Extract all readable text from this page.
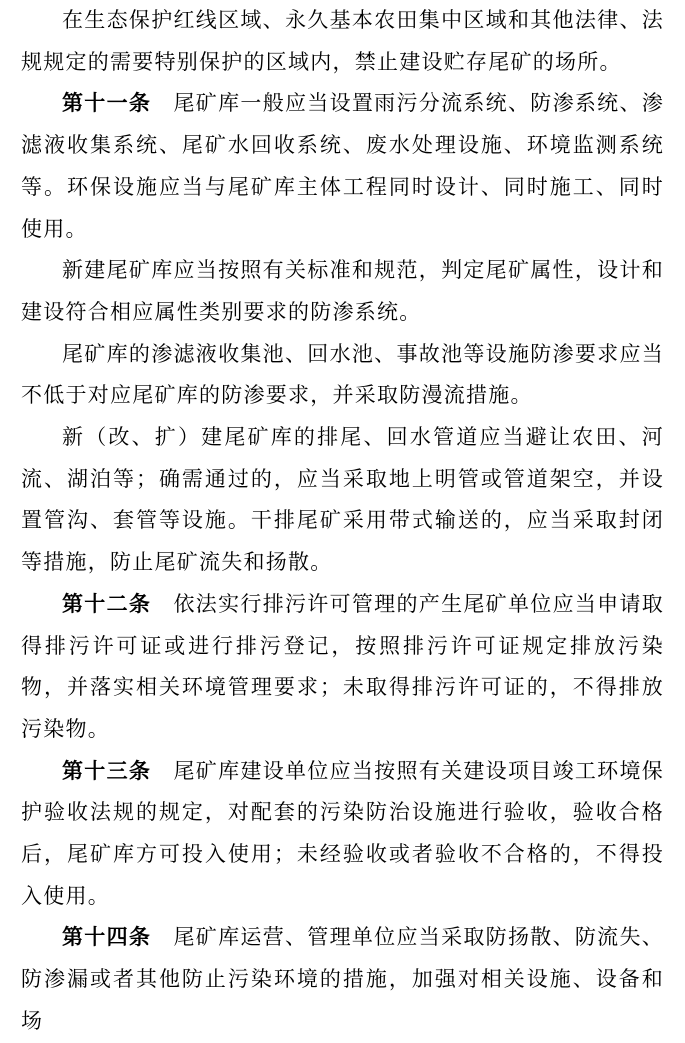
在生态保护红线区域、永久基本农田集中区域和其他法律、法规规定的需要特别保护的区域内，禁止建设贮存尾矿的场所。

第十一条　尾矿库一般应当设置雨污分流系统、防渗系统、渗滤液收集系统、尾矿水回收系统、废水处理设施、环境监测系统等。环保设施应当与尾矿库主体工程同时设计、同时施工、同时使用。

新建尾矿库应当按照有关标准和规范，判定尾矿属性，设计和建设符合相应属性类别要求的防渗系统。

尾矿库的渗滤液收集池、回水池、事故池等设施防渗要求应当不低于对应尾矿库的防渗要求，并采取防漫流措施。

新（改、扩）建尾矿库的排尾、回水管道应当避让农田、河流、湖泊等；确需通过的，应当采取地上明管或管道架空，并设置管沟、套管等设施。干排尾矿采用带式输送的，应当采取封闭等措施，防止尾矿流失和扬散。

第十二条　依法实行排污许可管理的产生尾矿单位应当申请取得排污许可证或进行排污登记，按照排污许可证规定排放污染物，并落实相关环境管理要求；未取得排污许可证的，不得排放污染物。

第十三条　尾矿库建设单位应当按照有关建设项目竣工环境保护验收法规的规定，对配套的污染防治设施进行验收，验收合格后，尾矿库方可投入使用；未经验收或者验收不合格的，不得投入使用。

第十四条　尾矿库运营、管理单位应当采取防扬散、防流失、防渗漏或者其他防止污染环境的措施，加强对相关设施、设备和场
